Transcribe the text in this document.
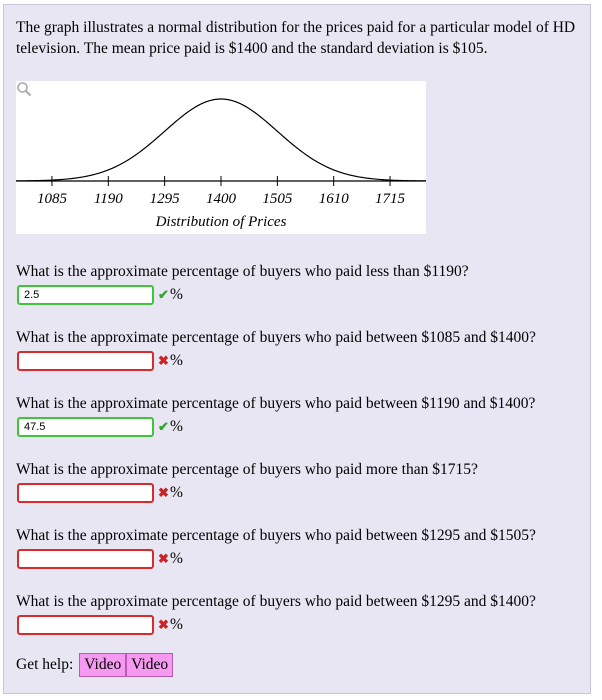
The graph illustrates a normal distribution for the prices paid for a particular model of HD television. The mean price paid is $1400 and the standard deviation is $105.
1085 1190 1295 1400 1505 1610 1715
Distribution of Prices
What is the approximate percentage of buyers who paid less than $1190?
2.5
✔ %
What is the approximate percentage of buyers who paid between $1085 and $1400?
✖ %
What is the approximate percentage of buyers who paid between $1190 and $1400?
47.5
✔ %
What is the approximate percentage of buyers who paid more than $1715?
✖ %
What is the approximate percentage of buyers who paid between $1295 and $1505?
✖ %
What is the approximate percentage of buyers who paid between $1295 and $1400?
✖ %
Get help: Video Video
